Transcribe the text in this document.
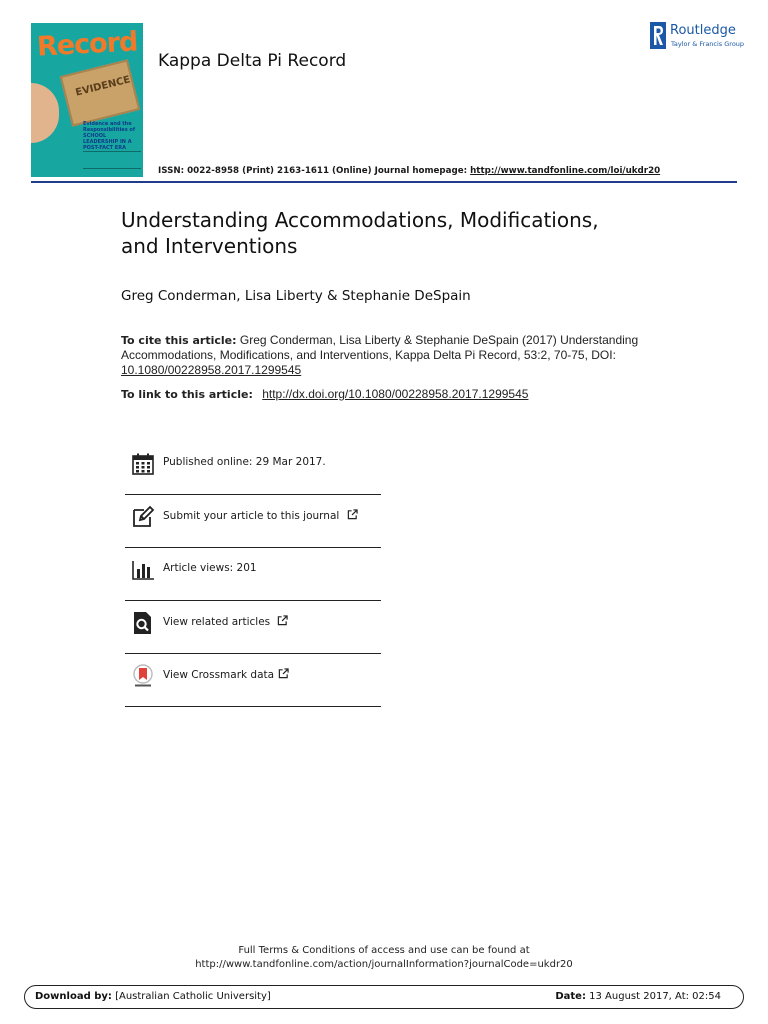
EVIDENCE
Record
Evidence and the Responsibilities of SCHOOL LEADERSHIP IN A POST-FACT ERA
Kappa Delta Pi Record
Routledge
Taylor & Francis Group
ISSN: 0022-8958 (Print) 2163-1611 (Online) Journal homepage: http://www.tandfonline.com/loi/ukdr20
Understanding Accommodations, Modifications,
and Interventions
Greg Conderman, Lisa Liberty & Stephanie DeSpain
To cite this article: Greg Conderman, Lisa Liberty & Stephanie DeSpain (2017) Understanding Accommodations, Modifications, and Interventions, Kappa Delta Pi Record, 53:2, 70-75, DOI:
10.1080/00228958.2017.1299545
To link to this article: http://dx.doi.org/10.1080/00228958.2017.1299545
Published online: 29 Mar 2017.
Submit your article to this journal
Article views: 201
View related articles
View Crossmark data
Full Terms & Conditions of access and use can be found at
http://www.tandfonline.com/action/journalInformation?journalCode=ukdr20
Download by: [Australian Catholic University]	Date: 13 August 2017, At: 02:54
